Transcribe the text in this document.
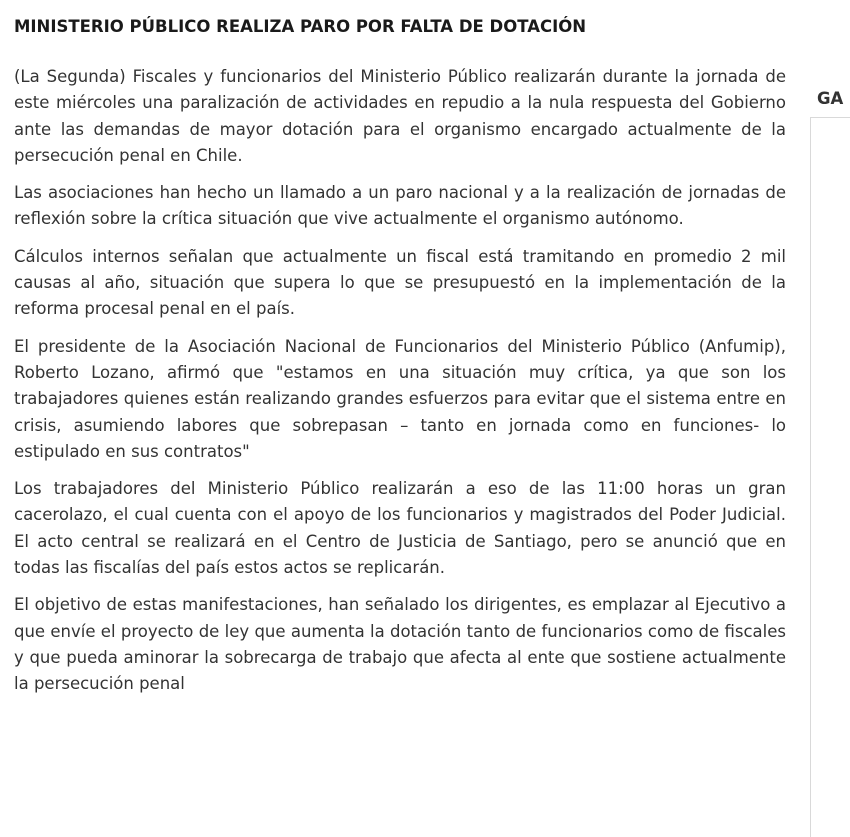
MINISTERIO PÚBLICO REALIZA PARO POR FALTA DE DOTACIÓN

(La Segunda) Fiscales y funcionarios del Ministerio Público realizarán durante la jornada de este miércoles una paralización de actividades en repudio a la nula respuesta del Gobierno ante las demandas de mayor dotación para el organismo encargado actualmente de la persecución penal en Chile.

Las asociaciones han hecho un llamado a un paro nacional y a la realización de jornadas de reflexión sobre la crítica situación que vive actualmente el organismo autónomo.

Cálculos internos señalan que actualmente un fiscal está tramitando en promedio 2 mil causas al año, situación que supera lo que se presupuestó en la implementación de la reforma procesal penal en el país.

El presidente de la Asociación Nacional de Funcionarios del Ministerio Público (Anfumip), Roberto Lozano, afirmó que "estamos en una situación muy crítica, ya que son los trabajadores quienes están realizando grandes esfuerzos para evitar que el sistema entre en crisis, asumiendo labores que sobrepasan – tanto en jornada como en funciones- lo estipulado en sus contratos"

Los trabajadores del Ministerio Público realizarán a eso de las 11:00 horas un gran cacerolazo, el cual cuenta con el apoyo de los funcionarios y magistrados del Poder Judicial. El acto central se realizará en el Centro de Justicia de Santiago, pero se anunció que en todas las fiscalías del país estos actos se replicarán.

El objetivo de estas manifestaciones, han señalado los dirigentes, es emplazar al Ejecutivo a que envíe el proyecto de ley que aumenta la dotación tanto de funcionarios como de fiscales y que pueda aminorar la sobrecarga de trabajo que afecta al ente que sostiene actualmente la persecución penal

GA
